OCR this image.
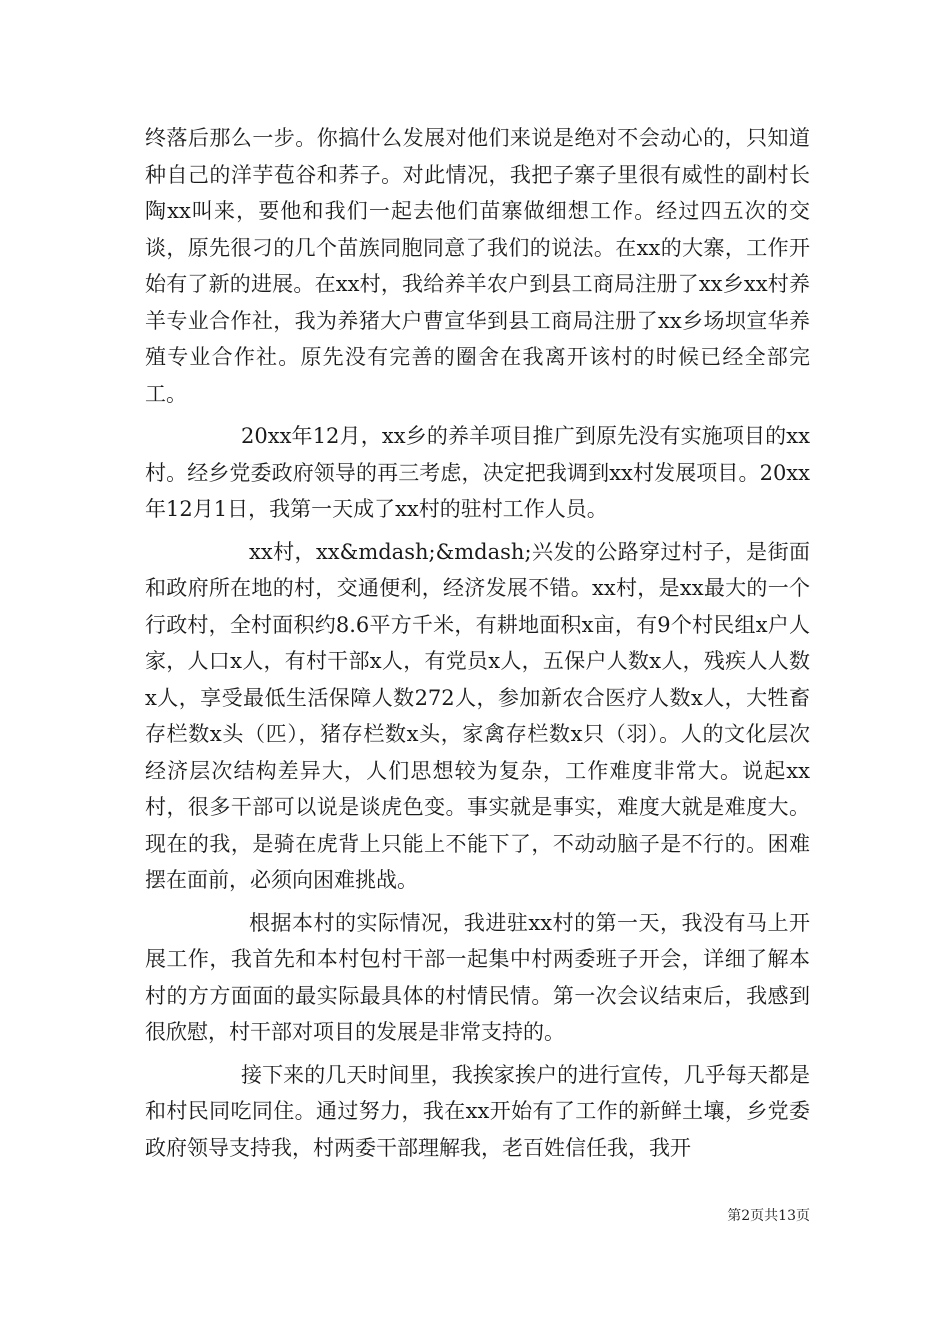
终落后那么一步。你搞什么发展对他们来说是绝对不会动心的，只知道种自己的洋芋苞谷和荞子。对此情况，我把子寨子里很有威性的副村长陶xx叫来，要他和我们一起去他们苗寨做细想工作。经过四五次的交谈，原先很刁的几个苗族同胞同意了我们的说法。在xx的大寨，工作开始有了新的进展。在xx村，我给养羊农户到县工商局注册了xx乡xx村养羊专业合作社，我为养猪大户曹宣华到县工商局注册了xx乡场坝宣华养殖专业合作社。原先没有完善的圈舍在我离开该村的时候已经全部完工。

20xx年12月，xx乡的养羊项目推广到原先没有实施项目的xx村。经乡党委政府领导的再三考虑，决定把我调到xx村发展项目。20xx年12月1日，我第一天成了xx村的驻村工作人员。

xx村，xx&mdash;&mdash;兴发的公路穿过村子，是街面和政府所在地的村，交通便利，经济发展不错。xx村，是xx最大的一个行政村，全村面积约8.6平方千米，有耕地面积x亩，有9个村民组x户人家，人口x人，有村干部x人，有党员x人，五保户人数x人，残疾人人数x人，享受最低生活保障人数272人，参加新农合医疗人数x人，大牲畜存栏数x头（匹），猪存栏数x头，家禽存栏数x只（羽）。人的文化层次经济层次结构差异大，人们思想较为复杂，工作难度非常大。说起xx村，很多干部可以说是谈虎色变。事实就是事实，难度大就是难度大。现在的我，是骑在虎背上只能上不能下了，不动动脑子是不行的。困难摆在面前，必须向困难挑战。

根据本村的实际情况，我进驻xx村的第一天，我没有马上开展工作，我首先和本村包村干部一起集中村两委班子开会，详细了解本村的方方面面的最实际最具体的村情民情。第一次会议结束后，我感到很欣慰，村干部对项目的发展是非常支持的。

接下来的几天时间里，我挨家挨户的进行宣传，几乎每天都是和村民同吃同住。通过努力，我在xx开始有了工作的新鲜土壤，乡党委政府领导支持我，村两委干部理解我，老百姓信任我，我开

第2页共13页
